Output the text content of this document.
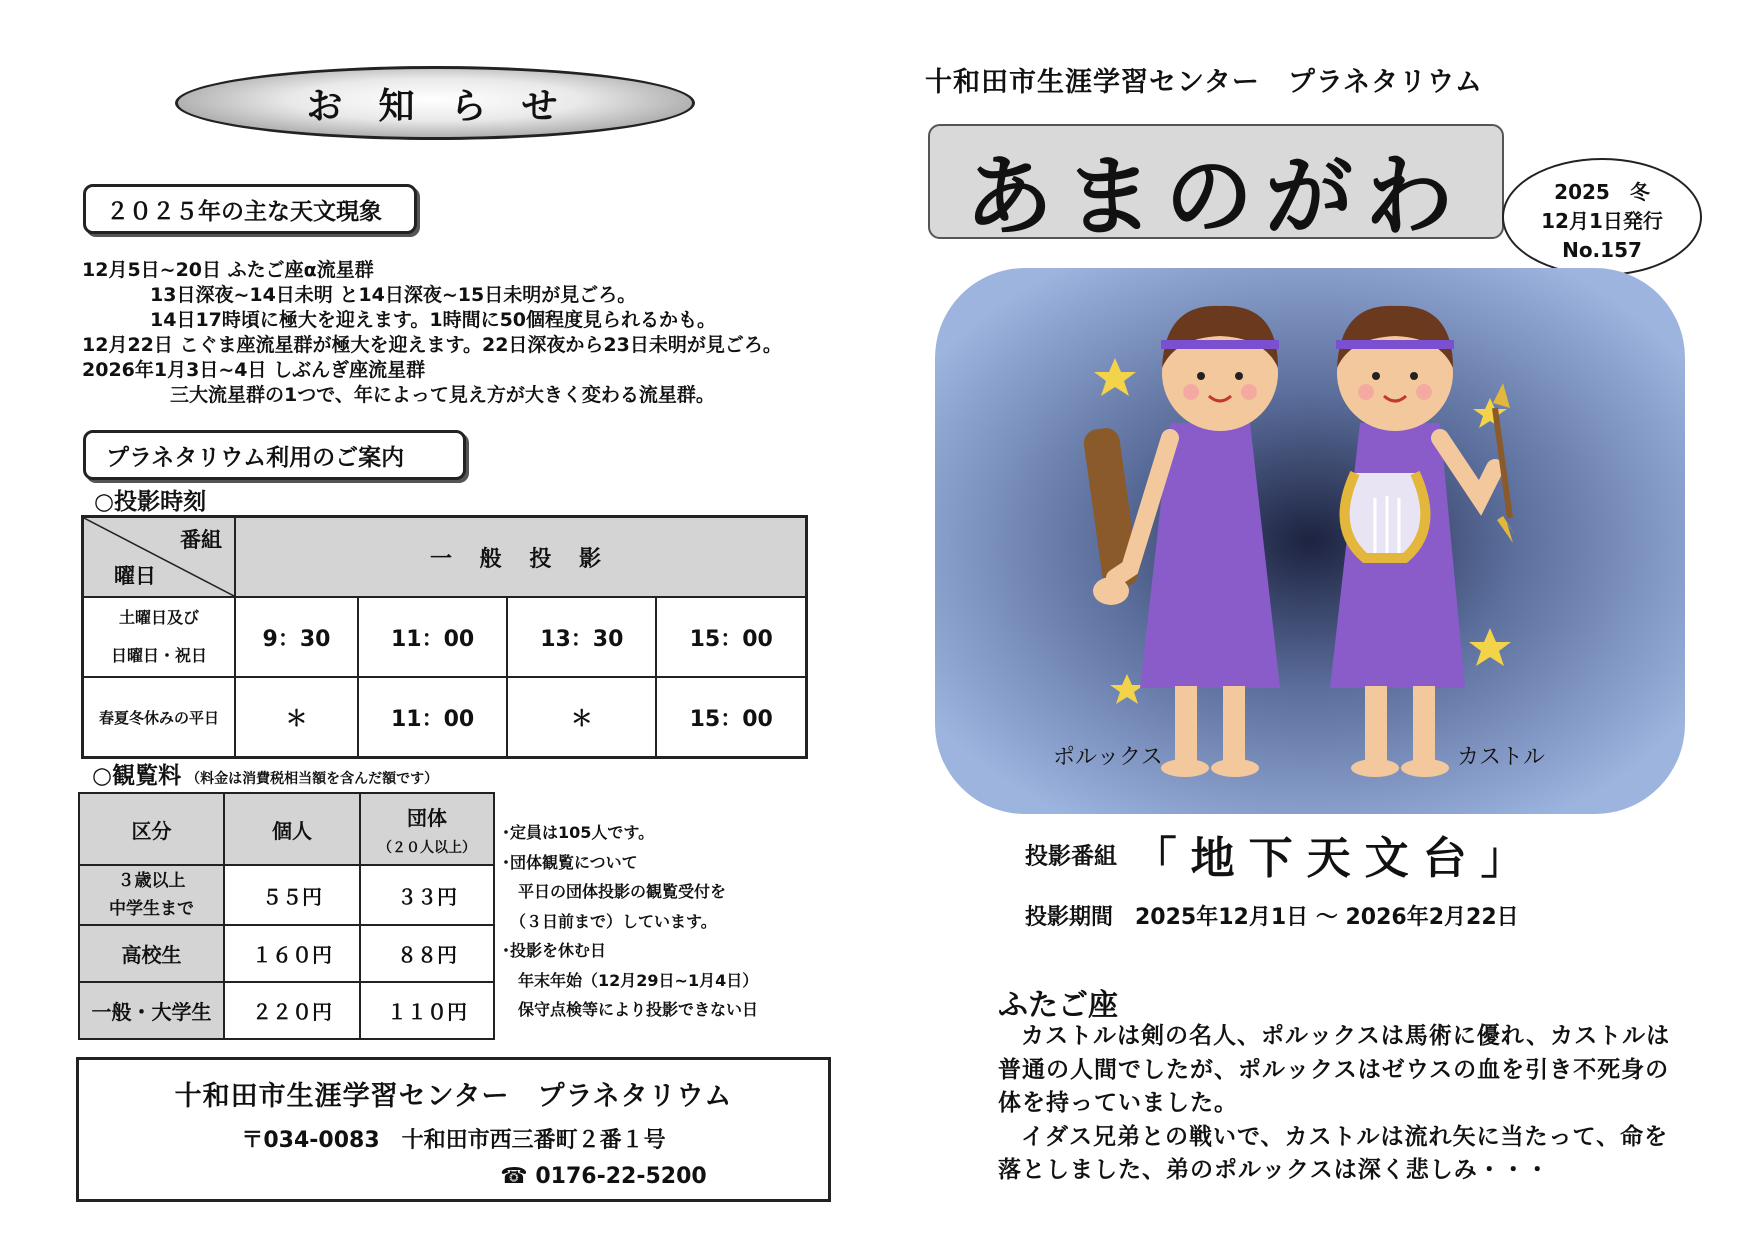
お知らせ
２０２５年の主な天文現象
12月5日~20日 ふたご座α流星群
13日深夜~14日未明 と14日深夜~15日未明が見ごろ。
14日17時頃に極大を迎えます。1時間に50個程度見られるかも。
12月22日 こぐま座流星群が極大を迎えます。22日深夜から23日未明が見ごろ。
2026年1月3日~4日 しぶんぎ座流星群
三大流星群の1つで、年によって見え方が大きく変わる流星群。
プラネタリウム利用のご案内
○投影時刻
番組
曜日	一 般 投 影			

土曜日及び
日曜日・祝日	9：30	11：00	13：30	15：00

春夏冬休みの平日	＊	11：00	＊	15：00
○観覧料 （料金は消費税相当額を含んだ額です）
区分	個人	団体
（２０人以上）

３歳以上
中学生まで	５５円	３３円
高校生	１６０円	８８円
一般・大学生	２２０円	１１０円
･定員は105人です。
･団体観覧について
　平日の団体投影の観覧受付を
　（３日前まで）しています。
･投影を休む日
　年末年始（12月29日~1月4日）
　保守点検等により投影できない日
十和田市生涯学習センター　プラネタリウム
〒034-0083　十和田市西三番町２番１号
☎ 0176-22-5200
十和田市生涯学習センター　プラネタリウム
あまのがわ	2025　冬
12月1日発行
No.157
ポルックス	カストル
投影番組 「地下天文台」
投影期間　2025年12月1日 ～ 2026年2月22日
ふたご座

カストルは剣の名人、ポルックスは馬術に優れ、カストルは普通の人間でしたが、ポルックスはゼウスの血を引き不死身の体を持っていました。

イダス兄弟との戦いで、カストルは流れ矢に当たって、命を落としました、弟のポルックスは深く悲しみ・・・
